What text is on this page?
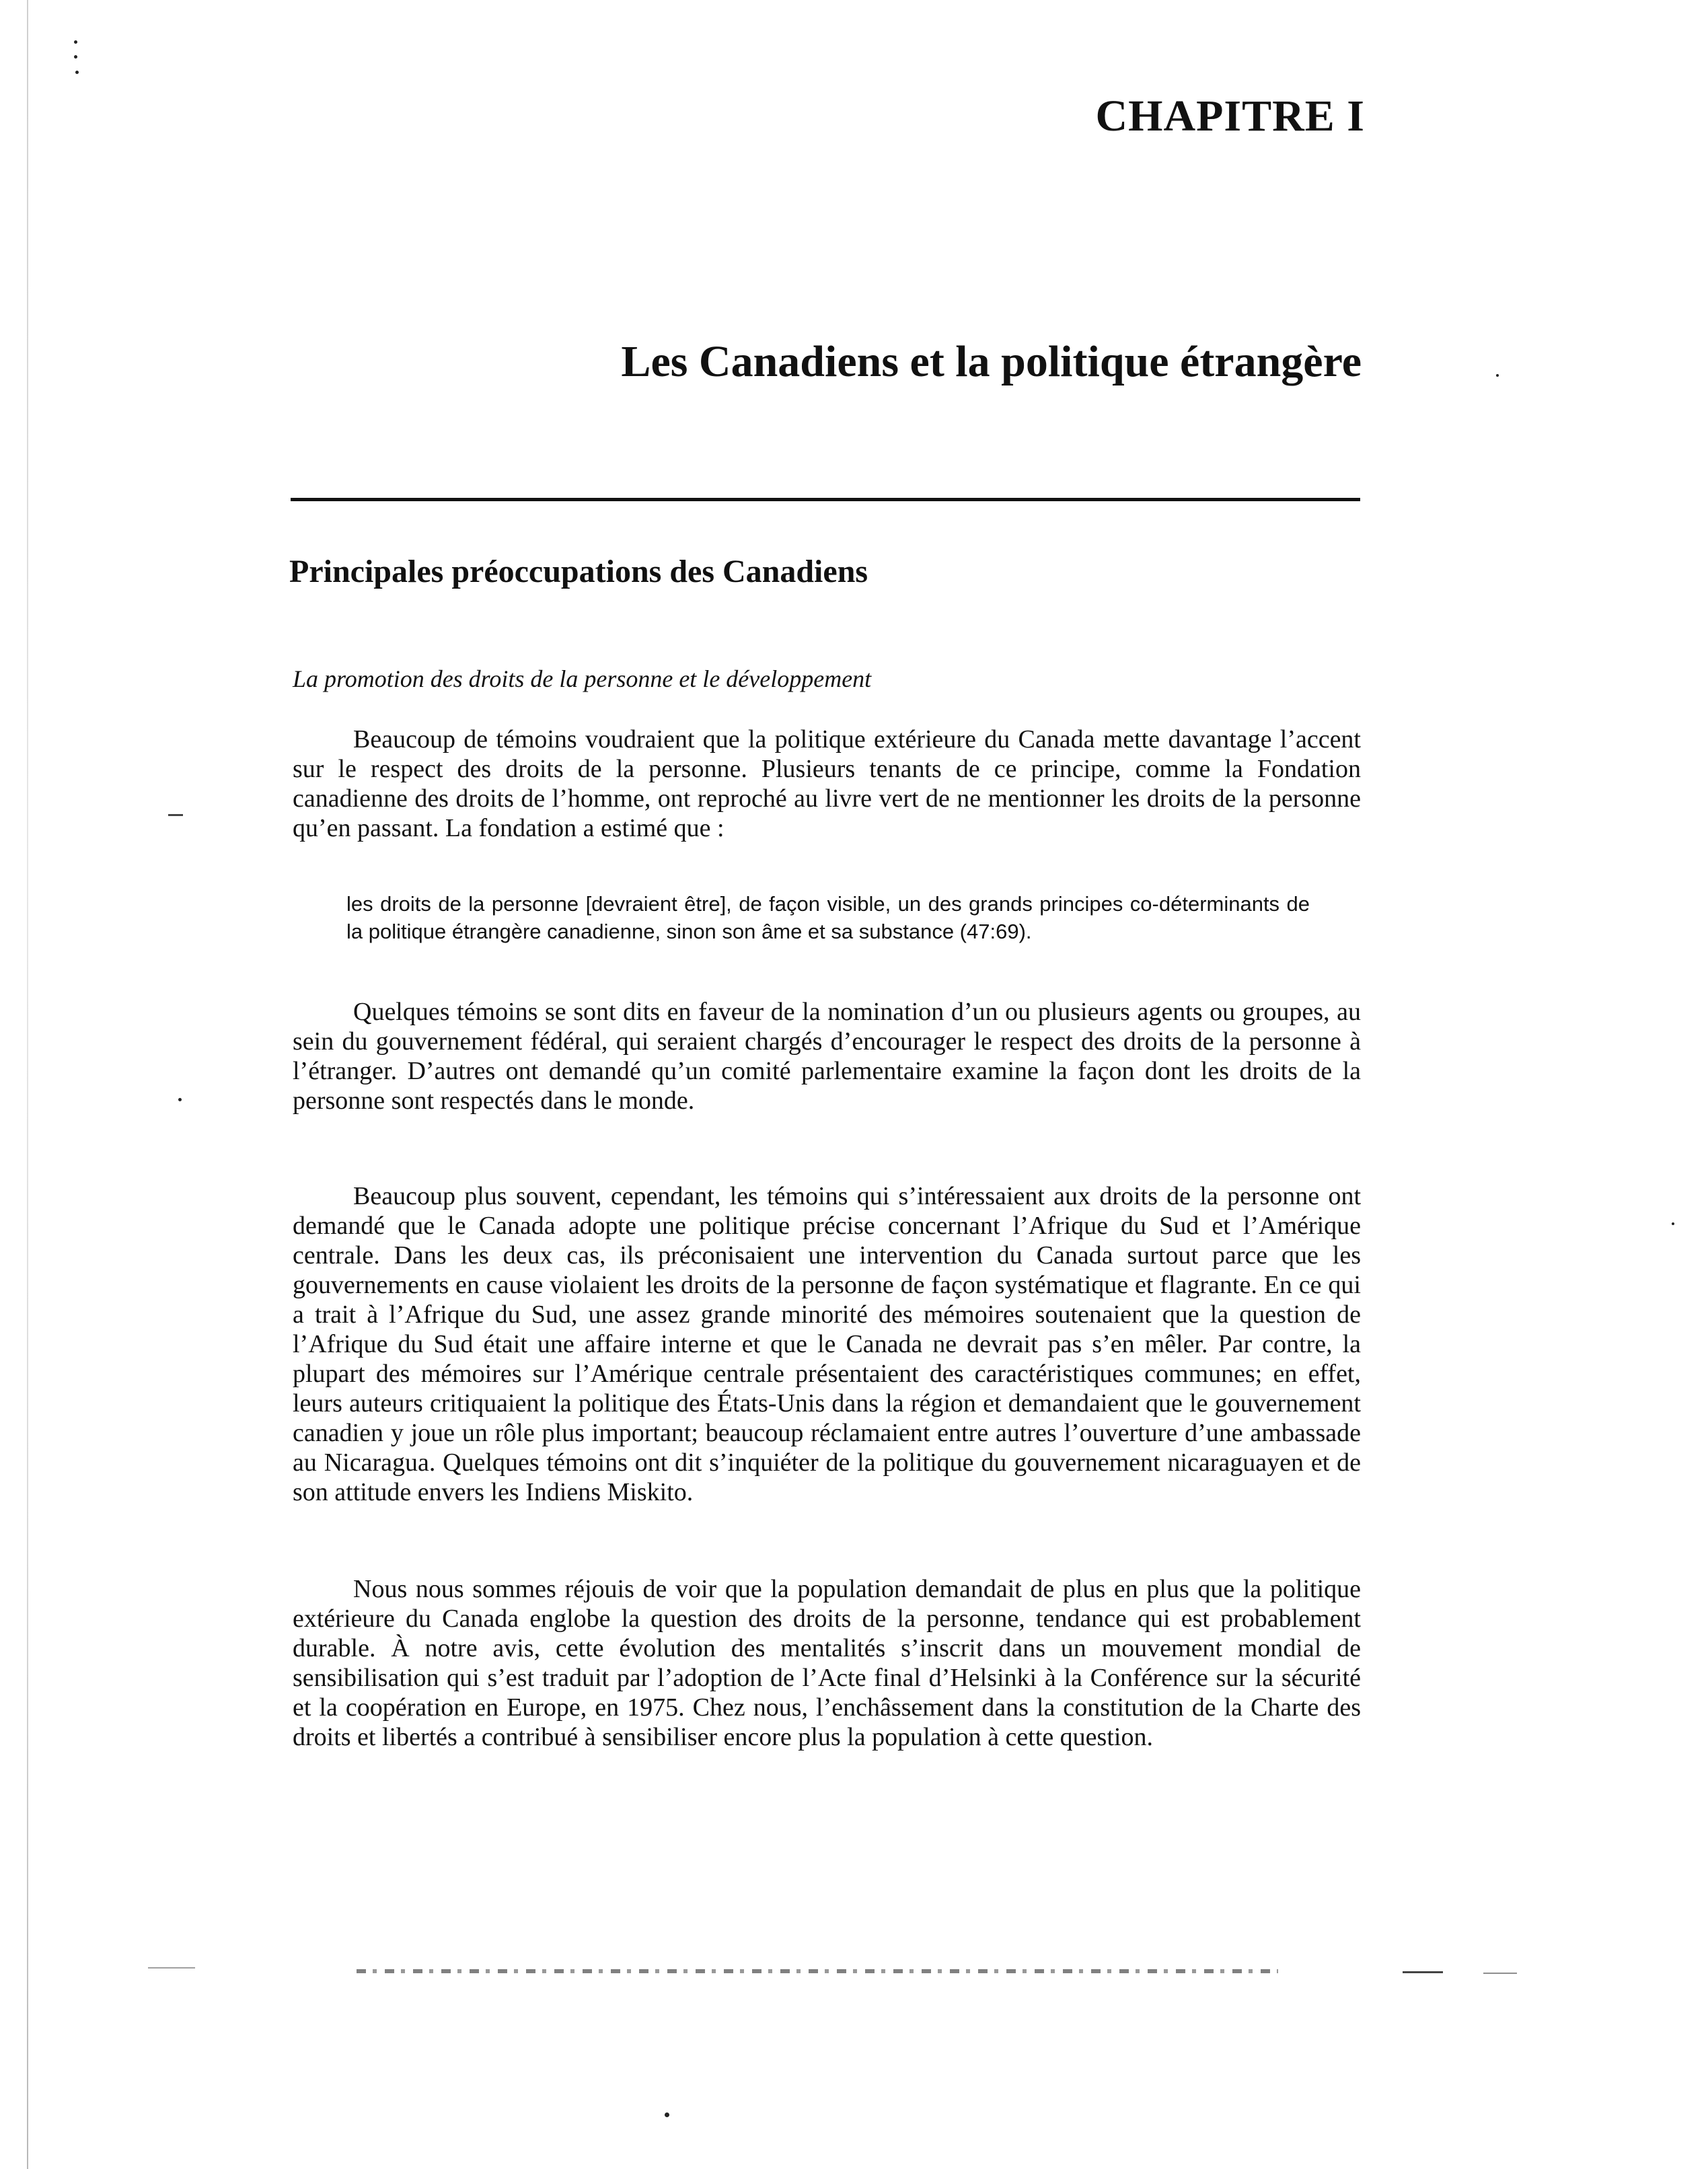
CHAPITRE I
Les Canadiens et la politique étrangère
Principales préoccupations des Canadiens
La promotion des droits de la personne et le développement

Beaucoup de témoins voudraient que la politique extérieure du Canada mette davantage l’accent sur le respect des droits de la personne. Plusieurs tenants de ce principe, comme la Fondation canadienne des droits de l’homme, ont reproché au livre vert de ne mentionner les droits de la personne qu’en passant. La fondation a estimé que :

les droits de la personne [devraient être], de façon visible, un des grands principes co-déterminants de la politique étrangère canadienne, sinon son âme et sa substance (47:69).

Quelques témoins se sont dits en faveur de la nomination d’un ou plusieurs agents ou groupes, au sein du gouvernement fédéral, qui seraient chargés d’encourager le respect des droits de la personne à l’étranger. D’autres ont demandé qu’un comité parlementaire examine la façon dont les droits de la personne sont respectés dans le monde.

Beaucoup plus souvent, cependant, les témoins qui s’intéressaient aux droits de la personne ont demandé que le Canada adopte une politique précise concernant l’Afrique du Sud et l’Amérique centrale. Dans les deux cas, ils préconisaient une intervention du Canada surtout parce que les gouvernements en cause violaient les droits de la personne de façon systématique et flagrante. En ce qui a trait à l’Afrique du Sud, une assez grande minorité des mémoires soutenaient que la question de l’Afrique du Sud était une affaire interne et que le Canada ne devrait pas s’en mêler. Par contre, la plupart des mémoires sur l’Amérique centrale présentaient des caractéristiques communes; en effet, leurs auteurs critiquaient la politique des États-Unis dans la région et demandaient que le gouvernement canadien y joue un rôle plus important; beaucoup réclamaient entre autres l’ouverture d’une ambassade au Nicaragua. Quelques témoins ont dit s’inquiéter de la politique du gouvernement nicaraguayen et de son attitude envers les Indiens Miskito.

Nous nous sommes réjouis de voir que la population demandait de plus en plus que la politique extérieure du Canada englobe la question des droits de la personne, tendance qui est probablement durable. À notre avis, cette évolution des mentalités s’inscrit dans un mouvement mondial de sensibilisation qui s’est traduit par l’adoption de l’Acte final d’Helsinki à la Conférence sur la sécurité et la coopération en Europe, en 1975. Chez nous, l’enchâssement dans la constitution de la Charte des droits et libertés a contribué à sensibiliser encore plus la population à cette question.
